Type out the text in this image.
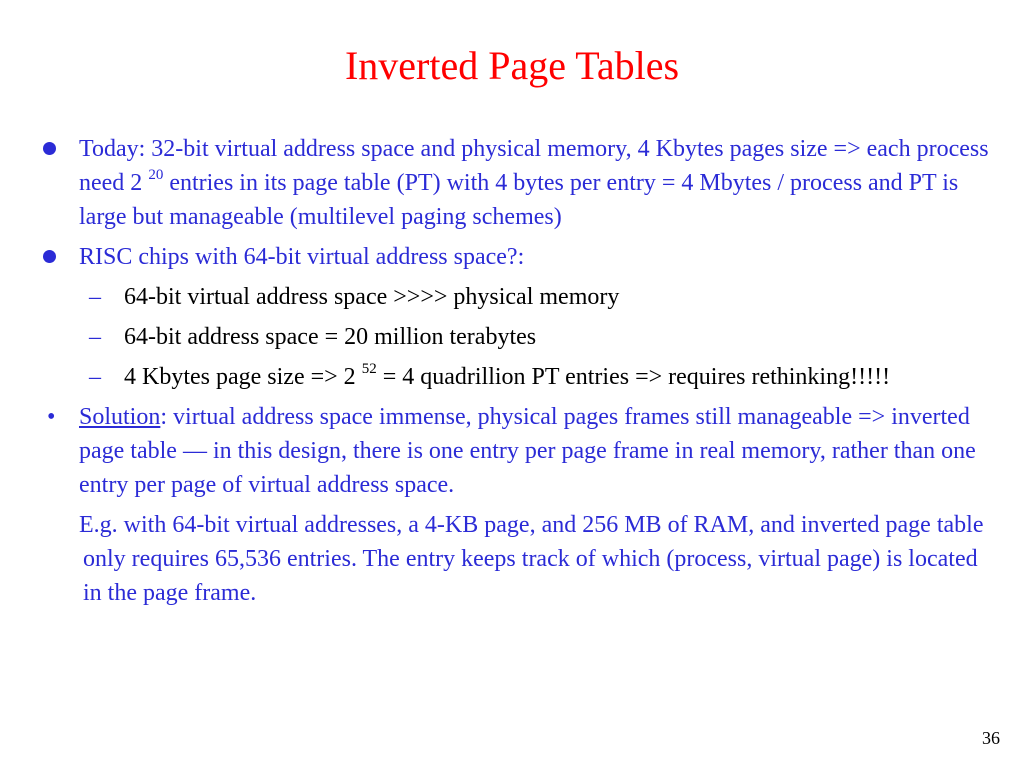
Inverted Page Tables
Today: 32-bit virtual address space and physical memory, 4 Kbytes pages size => each process need 2 $^{20}$ entries in its page table (PT) with 4 bytes per entry = 4 Mbytes / process and PT is large but manageable (multilevel paging schemes)
RISC chips with 64-bit virtual address space?:
– 64-bit virtual address space >>>> physical memory
– 64-bit address space = 20 million terabytes
– 4 Kbytes page size => 2 $^{52}$ = 4 quadrillion PT entries => requires rethinking!!!!!
• Solution: virtual address space immense, physical pages frames still manageable => inverted page table — in this design, there is one entry per page frame in real memory, rather than one entry per page of virtual address space.
E.g. with 64-bit virtual addresses, a 4-KB page, and 256 MB of RAM, and inverted page table only requires 65,536 entries. The entry keeps track of which (process, virtual page) is located in the page frame.
36
